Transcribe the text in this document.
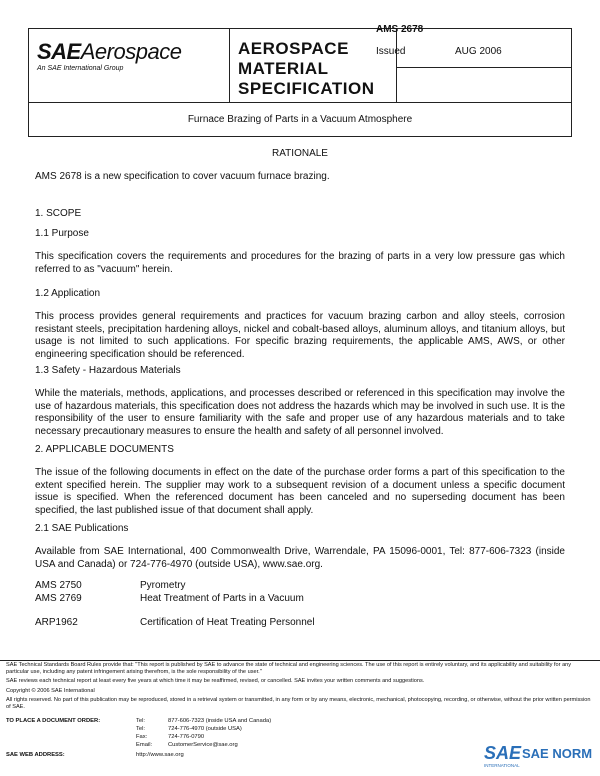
SAEAerospace
An SAE International Group
AEROSPACE
MATERIAL
SPECIFICATION
AMS 2678
Issued	AUG 2006
Furnace Brazing of Parts in a Vacuum Atmosphere
RATIONALE
AMS 2678 is a new specification to cover vacuum furnace brazing.
1. SCOPE
1.1 Purpose
This specification covers the requirements and procedures for the brazing of parts in a very low pressure gas which referred to as "vacuum" herein.
1.2 Application
This process provides general requirements and practices for vacuum brazing carbon and alloy steels, corrosion resistant steels, precipitation hardening alloys, nickel and cobalt-based alloys, aluminum alloys, and titanium alloys, but usage is not limited to such applications. For specific brazing requirements, the applicable AMS, AWS, or other engineering specification should be referenced.
1.3 Safety - Hazardous Materials
While the materials, methods, applications, and processes described or referenced in this specification may involve the use of hazardous materials, this specification does not address the hazards which may be involved in such use. It is the responsibility of the user to ensure familiarity with the safe and proper use of any hazardous materials and to take necessary precautionary measures to ensure the health and safety of all personnel involved.
2. APPLICABLE DOCUMENTS
The issue of the following documents in effect on the date of the purchase order forms a part of this specification to the extent specified herein. The supplier may work to a subsequent revision of a document unless a specific document issue is specified. When the referenced document has been canceled and no superseding document has been specified, the last published issue of that document shall apply.
2.1 SAE Publications
Available from SAE International, 400 Commonwealth Drive, Warrendale, PA 15096-0001, Tel: 877-606-7323 (inside USA and Canada) or 724-776-4970 (outside USA), www.sae.org.
AMS 2750	Pyrometry
AMS 2769	Heat Treatment of Parts in a Vacuum
ARP1962	Certification of Heat Treating Personnel
SAE Technical Standards Board Rules provide that: "This report is published by SAE to advance the state of technical and engineering sciences. The use of this report is entirely voluntary, and its applicability and suitability for any particular use, including any patent infringement arising therefrom, is the sole responsibility of the user."
SAE reviews each technical report at least every five years at which time it may be reaffirmed, revised, or cancelled. SAE invites your written comments and suggestions.
Copyright © 2006 SAE International
All rights reserved. No part of this publication may be reproduced, stored in a retrieval system or transmitted, in any form or by any means, electronic, mechanical, photocopying, recording, or otherwise, without the prior written permission of SAE.
TO PLACE A DOCUMENT ORDER:	Tel:	877-606-7323 (inside USA and Canada)
Tel:	724-776-4970 (outside USA)
Fax:	724-776-0790
Email:	CustomerService@sae.org
SAE WEB ADDRESS:	http://www.sae.org	SAE SAE NORM
INTERNATIONAL
